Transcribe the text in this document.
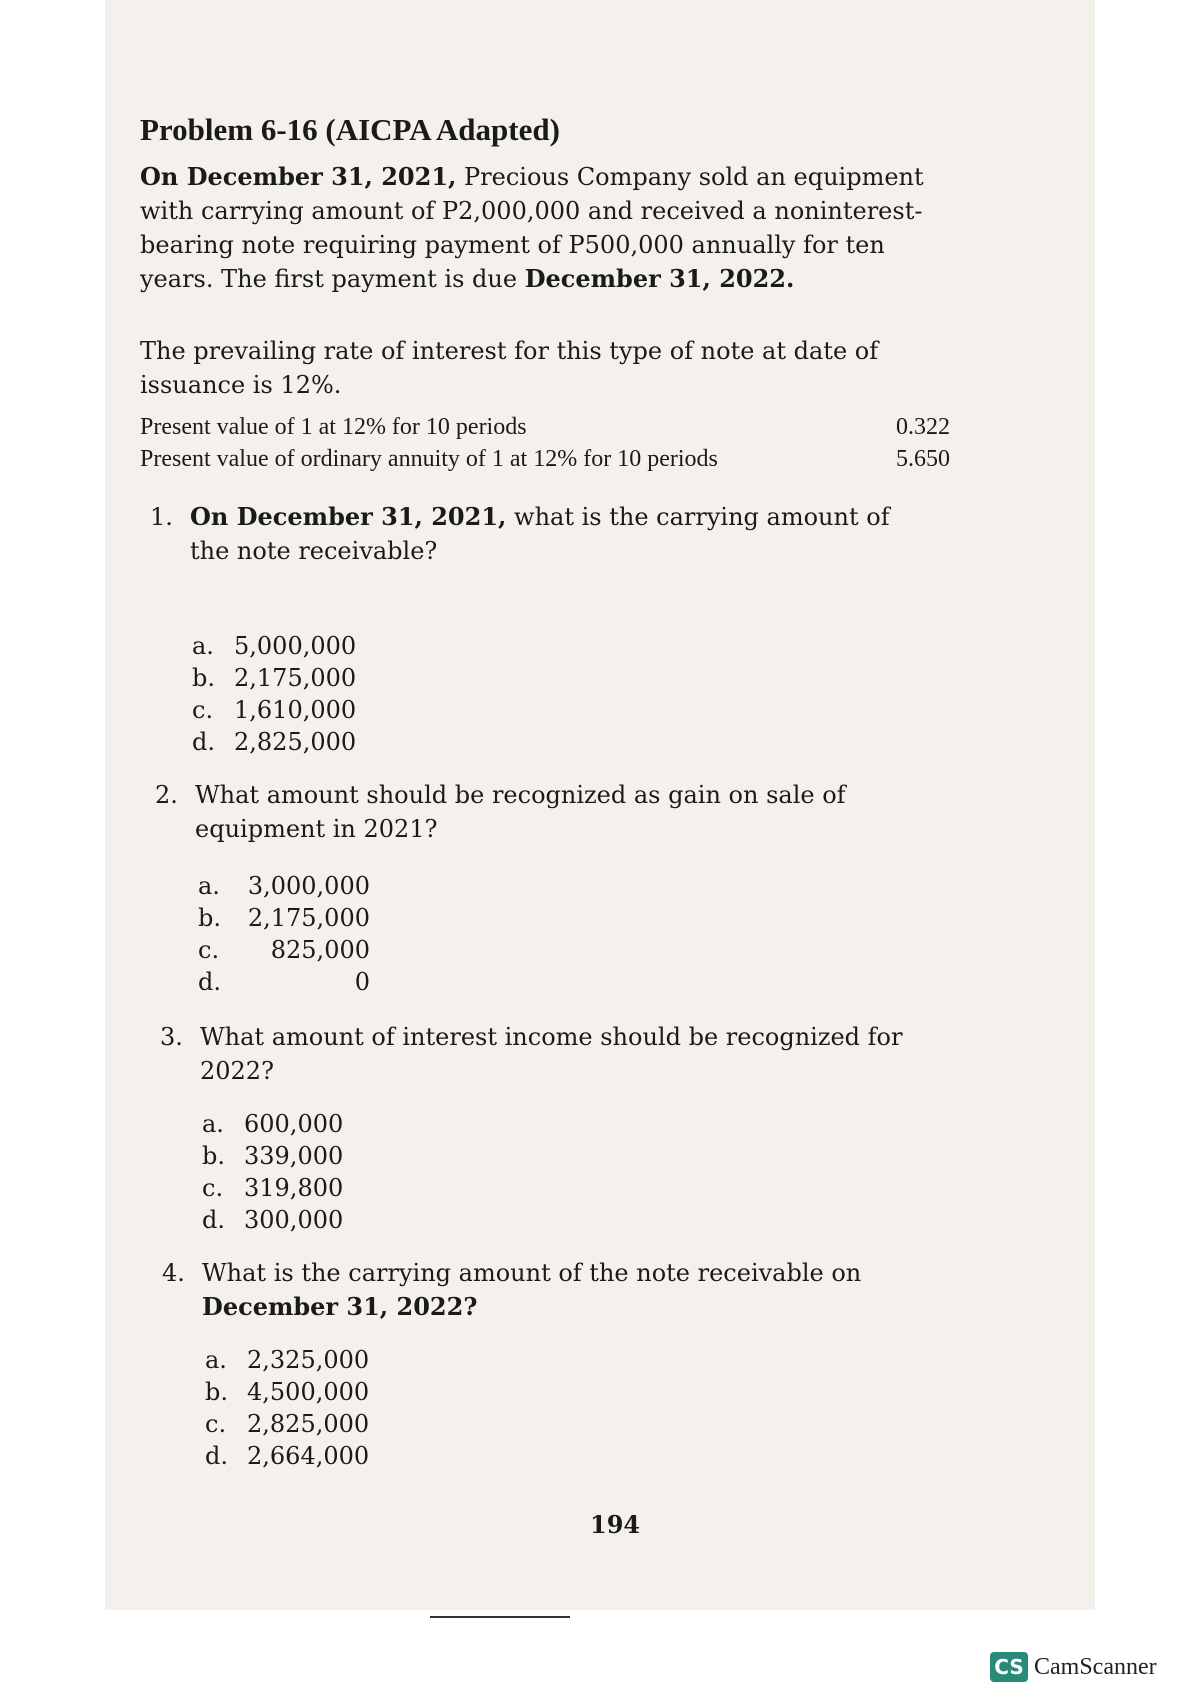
Problem 6-16 (AICPA Adapted)
On December 31, 2021, Precious Company sold an equipment with carrying amount of P2,000,000 and received a noninterest-bearing note requiring payment of P500,000 annually for ten years. The first payment is due December 31, 2022.
The prevailing rate of interest for this type of note at date of issuance is 12%.
Present value of 1 at 12% for 10 periods	0.322
Present value of ordinary annuity of 1 at 12% for 10 periods	5.650
1. On December 31, 2021, what is the carrying amount of the note receivable?
a. 5,000,000
b. 2,175,000
c. 1,610,000
d. 2,825,000
2. What amount should be recognized as gain on sale of equipment in 2021?
a.	3,000,000
b.	2,175,000
c.	825,000
d.	0
3. What amount of interest income should be recognized for 2022?
a. 600,000
b. 339,000
c. 319,800
d. 300,000
4. What is the carrying amount of the note receivable on December 31, 2022?
a. 2,325,000
b. 4,500,000
c. 2,825,000
d. 2,664,000
194
CS CamScanner
